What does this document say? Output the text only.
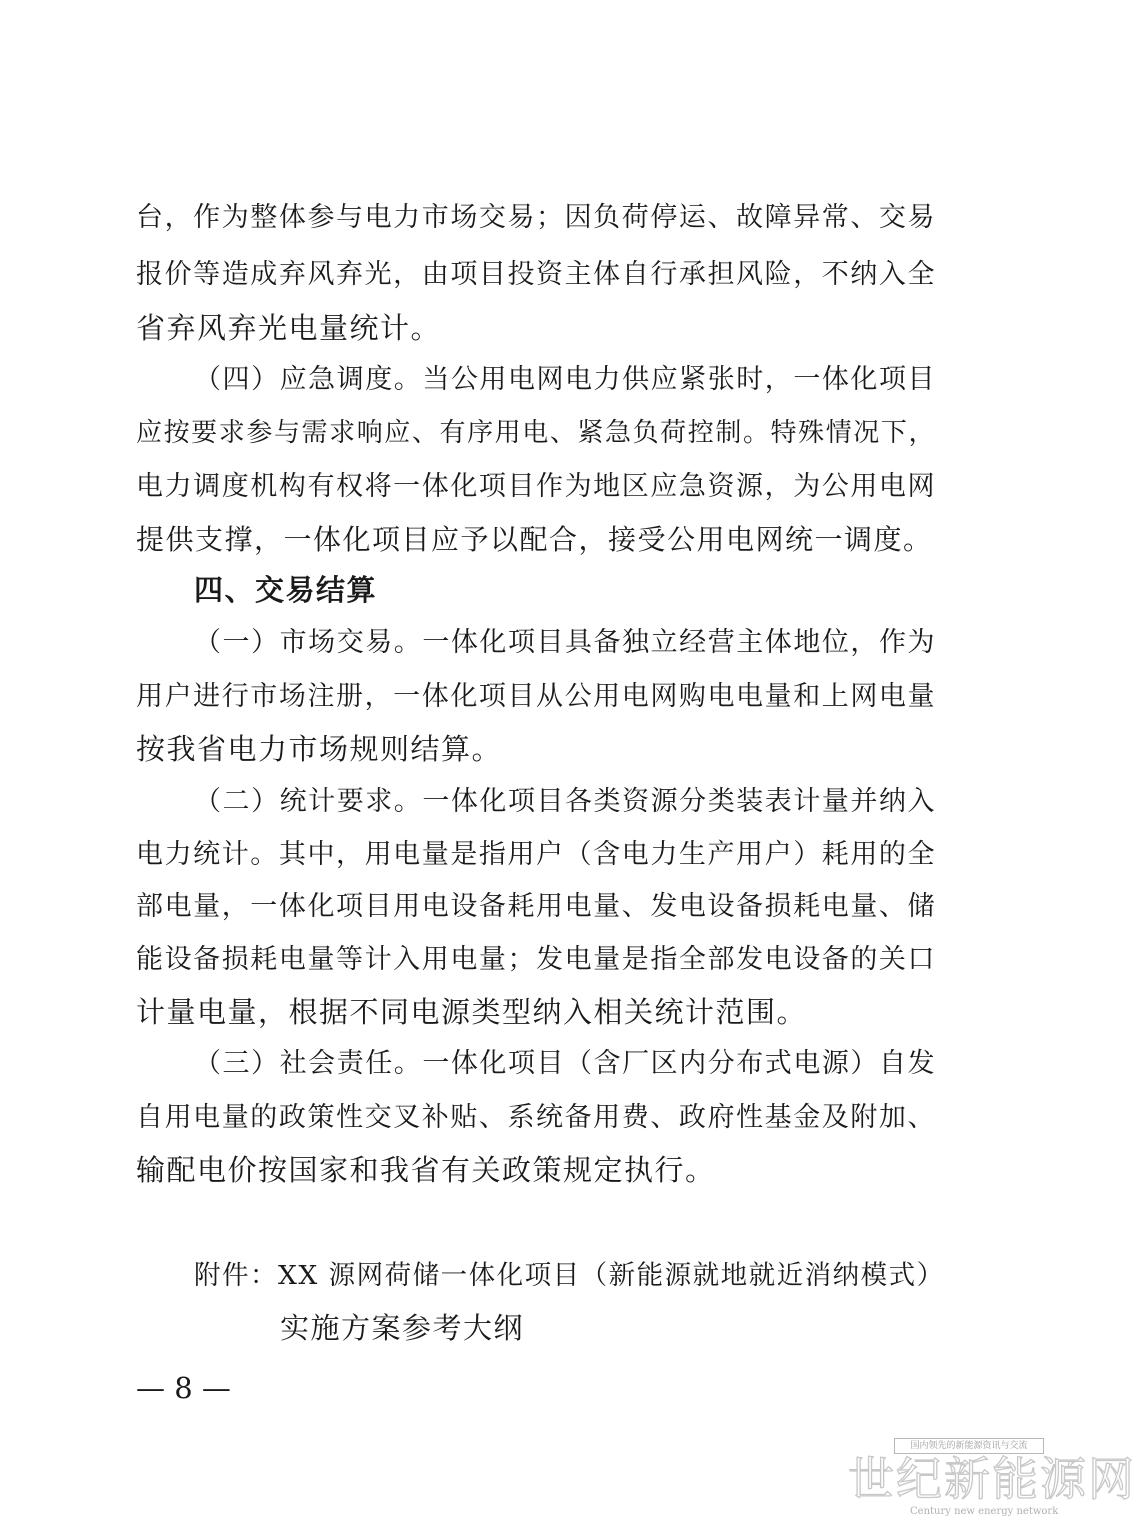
台，作为整体参与电力市场交易；因负荷停运、故障异常、交易
报价等造成弃风弃光，由项目投资主体自行承担风险，不纳入全
省弃风弃光电量统计。
（四）应急调度。当公用电网电力供应紧张时，一体化项目
应按要求参与需求响应、有序用电、紧急负荷控制。特殊情况下，
电力调度机构有权将一体化项目作为地区应急资源，为公用电网
提供支撑，一体化项目应予以配合，接受公用电网统一调度。
四、交易结算
（一）市场交易。一体化项目具备独立经营主体地位，作为
用户进行市场注册，一体化项目从公用电网购电电量和上网电量
按我省电力市场规则结算。
（二）统计要求。一体化项目各类资源分类装表计量并纳入
电力统计。其中，用电量是指用户（含电力生产用户）耗用的全
部电量，一体化项目用电设备耗用电量、发电设备损耗电量、储
能设备损耗电量等计入用电量；发电量是指全部发电设备的关口
计量电量，根据不同电源类型纳入相关统计范围。
（三）社会责任。一体化项目（含厂区内分布式电源）自发
自用电量的政策性交叉补贴、系统备用费、政府性基金及附加、
输配电价按国家和我省有关政策规定执行。
附件：XX 源网荷储一体化项目（新能源就地就近消纳模式）
实施方案参考大纲
— 8 —
国内领先的新能源资讯与交流
世纪新能源网
Century new energy network
